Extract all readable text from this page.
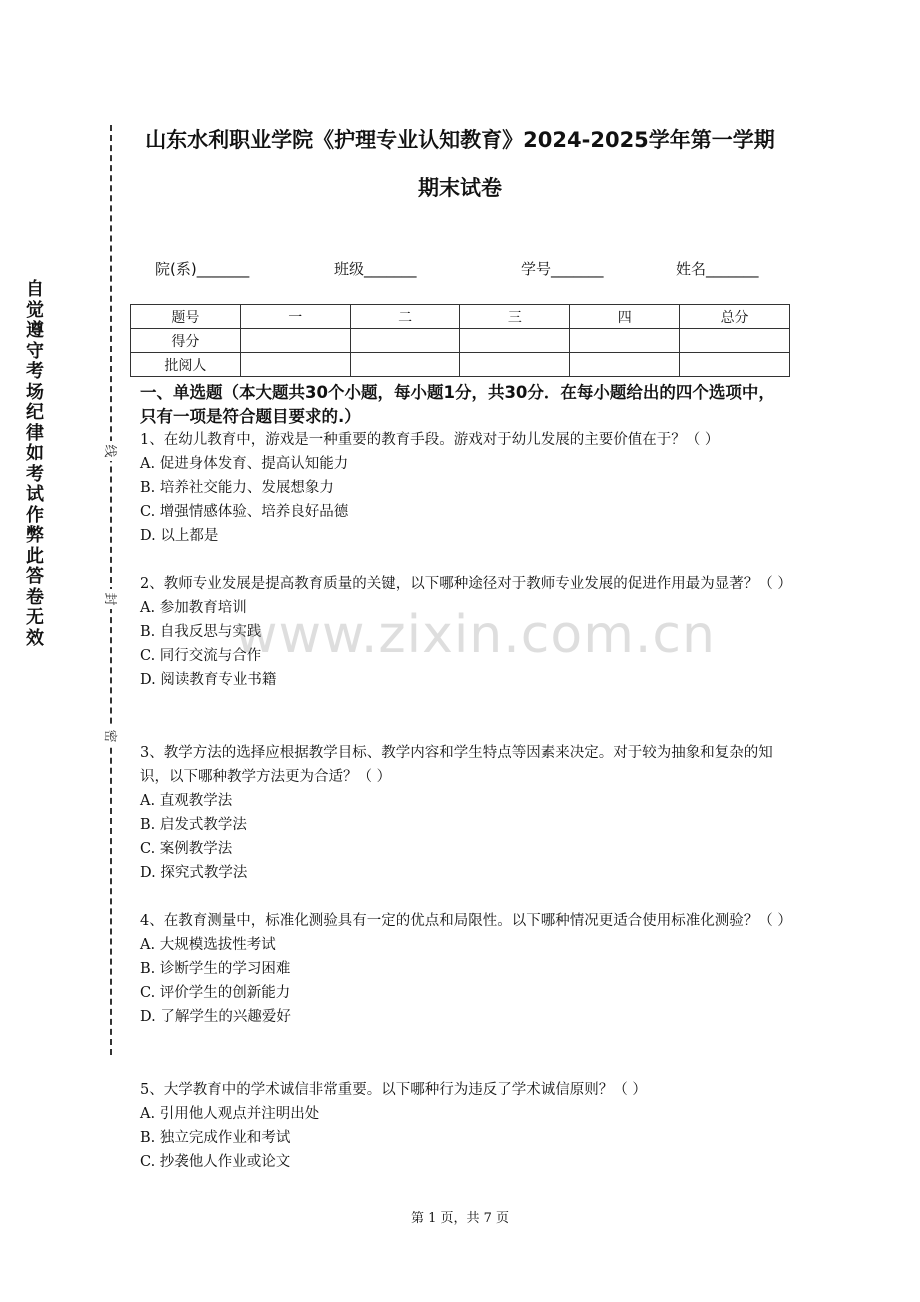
自觉遵守考场纪律如考试作弊此答卷无效
线
封
密
山东水利职业学院《护理专业认知教育》2024-2025学年第一学期
期末试卷
院(系)_______	班级_______	学号_______	姓名_______
题号	一	二	三	四	总分
得分					
批阅人					
一、单选题（本大题共30个小题，每小题1分，共30分．在每小题给出的四个选项中，只有一项是符合题目要求的.）
1、在幼儿教育中，游戏是一种重要的教育手段。游戏对于幼儿发展的主要价值在于？（ ）
A. 促进身体发育、提高认知能力
B. 培养社交能力、发展想象力
C. 增强情感体验、培养良好品德
D. 以上都是
2、教师专业发展是提高教育质量的关键，以下哪种途径对于教师专业发展的促进作用最为显著？（ ）
A. 参加教育培训
B. 自我反思与实践
C. 同行交流与合作
D. 阅读教育专业书籍
3、教学方法的选择应根据教学目标、教学内容和学生特点等因素来决定。对于较为抽象和复杂的知识，以下哪种教学方法更为合适？（ ）
A. 直观教学法
B. 启发式教学法
C. 案例教学法
D. 探究式教学法
4、在教育测量中，标准化测验具有一定的优点和局限性。以下哪种情况更适合使用标准化测验？（ ）
A. 大规模选拔性考试
B. 诊断学生的学习困难
C. 评价学生的创新能力
D. 了解学生的兴趣爱好
5、大学教育中的学术诚信非常重要。以下哪种行为违反了学术诚信原则？（ ）
A. 引用他人观点并注明出处
B. 独立完成作业和考试
C. 抄袭他人作业或论文
www.zixin.com.cn
第 1 页，共 7 页
